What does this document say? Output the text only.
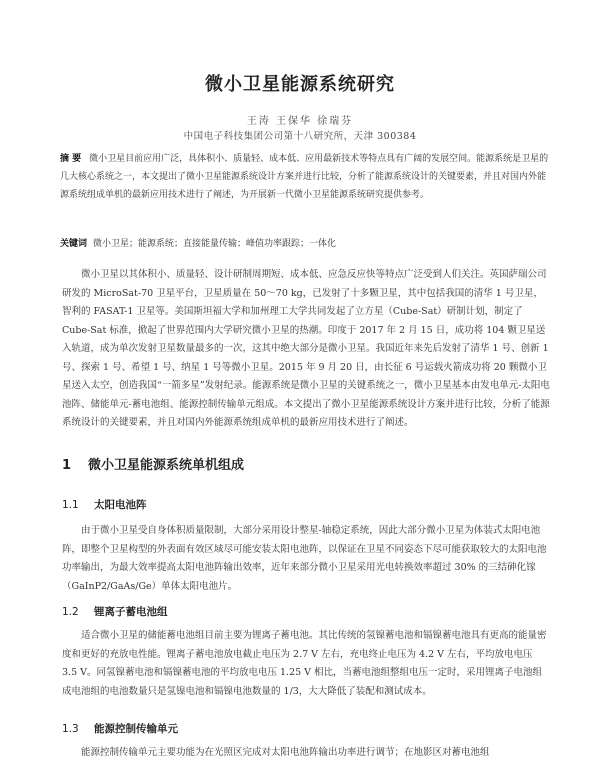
微小卫星能源系统研究
王涛 王保华 徐瑞芬
中国电子科技集团公司第十八研究所，天津 300384
摘 要 微小卫星目前应用广泛，具体积小、质量轻、成本低、应用最新技术等特点具有广阔的发展空间。能源系统是卫星的几大核心系统之一，本文提出了微小卫星能源系统设计方案并进行比较，分析了能源系统设计的关键要素，并且对国内外能源系统组成单机的最新应用技术进行了阐述，为开展新一代微小卫星能源系统研究提供参考。
关键词 微小卫星；能源系统；直接能量传输；峰值功率跟踪；一体化
微小卫星以其体积小、质量轻、设计研制周期短、成本低、应急反应快等特点广泛受到人们关注。英国萨瑞公司研发的 MicroSat-70 卫星平台，卫星质量在 50～70 kg，已发射了十多颗卫星，其中包括我国的清华 1 号卫星，智利的 FASAT-1 卫星等。美国斯坦福大学和加州理工大学共同发起了立方星（Cube-Sat）研制计划，制定了 Cube-Sat 标准，掀起了世界范围内大学研究微小卫星的热潮。印度于 2017 年 2 月 15 日，成功将 104 颗卫星送入轨道，成为单次发射卫星数量最多的一次，这其中绝大部分是微小卫星。我国近年来先后发射了清华 1 号、创新 1 号、探索 1 号、希望 1 号、纳星 1 号等微小卫星。2015 年 9 月 20 日，由长征 6 号运载火箭成功将 20 颗微小卫星送入太空，创造我国“一箭多星”发射纪录。能源系统是微小卫星的关键系统之一，微小卫星基本由发电单元-太阳电池阵、储能单元-蓄电池组、能源控制传输单元组成。本文提出了微小卫星能源系统设计方案并进行比较，分析了能源系统设计的关键要素，并且对国内外能源系统组成单机的最新应用技术进行了阐述。
1 微小卫星能源系统单机组成
1.1 太阳电池阵
由于微小卫星受自身体积质量限制，大部分采用设计整星-轴稳定系统，因此大部分微小卫星为体装式太阳电池阵，即整个卫星构型的外表面有效区域尽可能安装太阳电池阵，以保证在卫星不同姿态下尽可能获取较大的太阳电池功率输出，为最大效率提高太阳电池阵输出效率，近年来部分微小卫星采用光电转换效率超过 30% 的三结砷化镓（GaInP2/GaAs/Ge）单体太阳电池片。
1.2 锂离子蓄电池组
适合微小卫星的储能蓄电池组目前主要为锂离子蓄电池。其比传统的氢镍蓄电池和镉镍蓄电池具有更高的能量密度和更好的充放电性能。锂离子蓄电池放电截止电压为 2.7 V 左右，充电终止电压为 4.2 V 左右，平均放电电压 3.5 V。同氢镍蓄电池和镉镍蓄电池的平均放电电压 1.25 V 相比，当蓄电池组整组电压一定时，采用锂离子电池组成电池组的电池数量只是氢镍电池和镉镍电池数量的 1/3，大大降低了装配和测试成本。
1.3 能源控制传输单元
能源控制传输单元主要功能为在光照区完成对太阳电池阵输出功率进行调节；在地影区对蓄电池组
